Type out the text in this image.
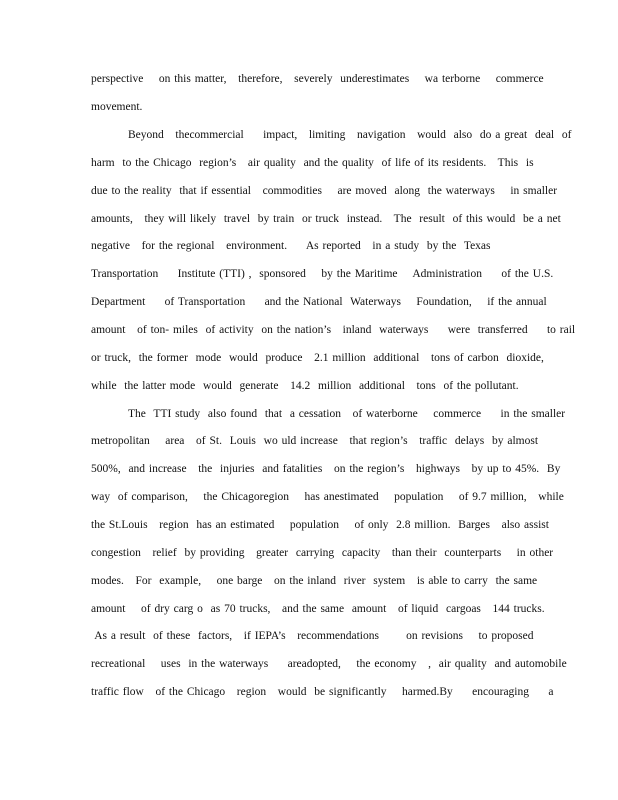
perspective    on this matter,   therefore,   severely  underestimates    wa terborne    commerce
movement.
Beyond   thecommercial     impact,   limiting   navigation   would  also  do a great  deal  of
harm  to the Chicago  region’s   air quality  and the quality  of life of its residents.   This  is
due to the reality  that if essential   commodities    are moved  along  the waterways    in smaller
amounts,   they will likely  travel  by train  or truck  instead.   The  result  of this would  be a net
negative   for the regional   environment.     As reported   in a study  by the  Texas
Transportation     Institute (TTI) ,  sponsored    by the Maritime    Administration     of the U.S.
Department     of Transportation     and the National  Waterways    Foundation,    if the annual
amount   of ton- miles  of activity  on the nation’s   inland  waterways     were  transferred     to rail
or truck,  the former  mode  would  produce   2.1 million  additional   tons of carbon  dioxide,
while  the latter mode  would  generate   14.2  million  additional   tons  of the pollutant.
The  TTI study  also found  that  a cessation   of waterborne    commerce     in the smaller
metropolitan    area   of St.  Louis  wo uld increase   that region’s   traffic  delays  by almost
500%,  and increase   the  injuries  and fatalities   on the region’s   highways   by up to 45%.  By
way  of comparison,    the Chicagoregion    has anestimated    population    of 9.7 million,   while
the St.Louis   region  has an estimated    population    of only  2.8 million.  Barges   also assist
congestion   relief  by providing   greater  carrying  capacity   than their  counterparts    in other
modes.   For  example,    one barge   on the inland  river  system   is able to carry  the same
amount    of dry carg o  as 70 trucks,   and the same  amount   of liquid  cargoas   144 trucks.
As a result  of these  factors,   if IEPA’s   recommendations       on revisions    to proposed
recreational    uses  in the waterways     areadopted,    the economy   ,  air quality  and automobile
traffic flow   of the Chicago   region   would  be significantly    harmed.By     encouraging     a
